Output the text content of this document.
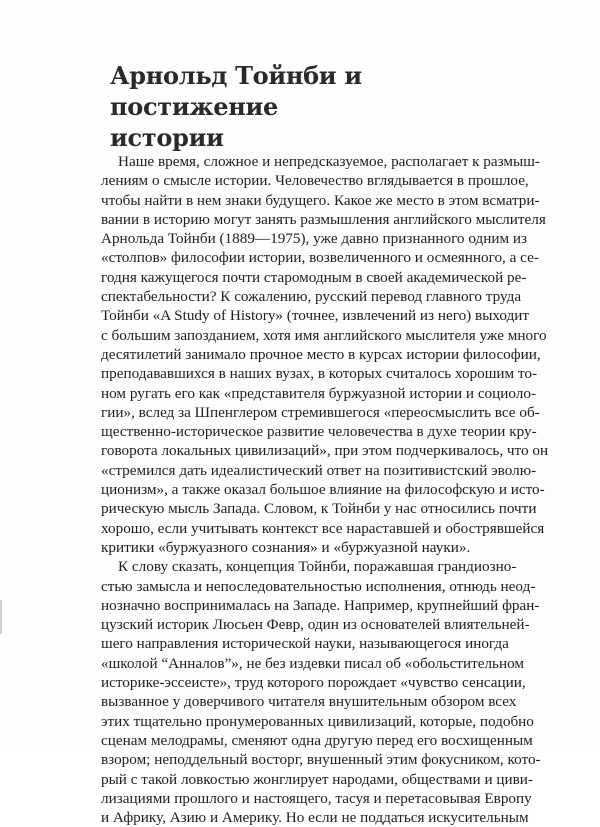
Арнольд Тойнби и постижение
истории
Наше время, сложное и непредсказуемое, располагает к размыш-
лениям о смысле истории. Человечество вглядывается в прошлое,
чтобы найти в нем знаки будущего. Какое же место в этом всматри-
вании в историю могут занять размышления английского мыслителя
Арнольда Тойнби (1889—1975), уже давно признанного одним из
«столпов» философии истории, возвеличенного и осмеянного, а се-
годня кажущегося почти старомодным в своей академической ре-
спектабельности? К сожалению, русский перевод главного труда
Тойнби «A Study of History» (точнее, извлечений из него) выходит
с большим запозданием, хотя имя английского мыслителя уже много
десятилетий занимало прочное место в курсах истории философии,
преподававшихся в наших вузах, в которых считалось хорошим то-
ном ругать его как «представителя буржуазной истории и социоло-
гии», вслед за Шпенглером стремившегося «переосмыслить все об-
щественно-историческое развитие человечества в духе теории кру-
говорота локальных цивилизаций», при этом подчеркивалось, что он
«стремился дать идеалистический ответ на позитивистский эволю-
ционизм», а также оказал большое влияние на философскую и исто-
рическую мысль Запада. Словом, к Тойнби у нас относились почти
хорошо, если учитывать контекст все нараставшей и обострявшейся
критики «буржуазного сознания» и «буржуазной науки».
К слову сказать, концепция Тойнби, поражавшая грандиозно-
стью замысла и непоследовательностью исполнения, отнюдь неод-
нозначно воспринималась на Западе. Например, крупнейший фран-
цузский историк Люсьен Февр, один из основателей влиятельней-
шего направления исторической науки, называющегося иногда
«школой “Анналов”», не без издевки писал об «обольстительном
историке-эссеисте», труд которого порождает «чувство сенсации,
вызванное у доверчивого читателя внушительным обзором всех
этих тщательно пронумерованных цивилизаций, которые, подобно
сценам мелодрамы, сменяют одна другую перед его восхищенным
взором; неподдельный восторг, внушенный этим фокусником, кото-
рый с такой ловкостью жонглирует народами, обществами и циви-
лизациями прошлого и настоящего, тасуя и перетасовывая Европу
и Африку, Азию и Америку. Но если не поддаться искусительным
